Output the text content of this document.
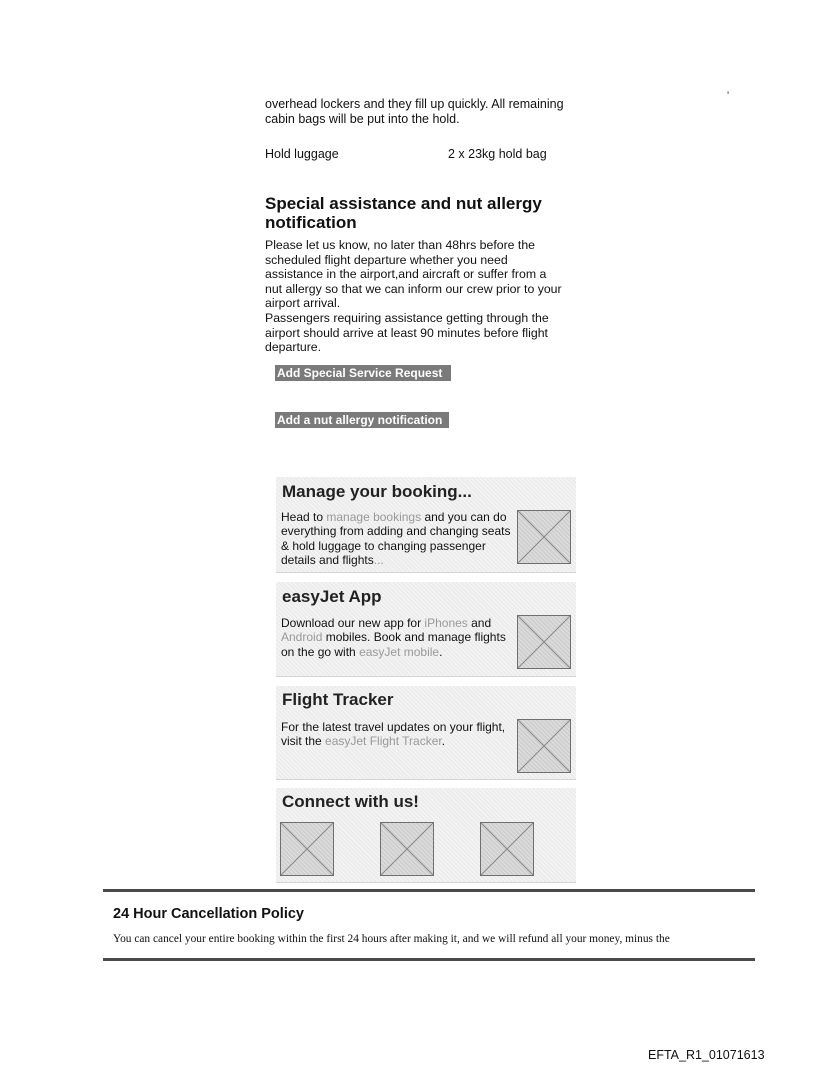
'
overhead lockers and they fill up quickly. All remaining cabin bags will be put into the hold.
Hold luggage	2 x 23kg hold bag
Special assistance and nut allergy notification

Please let us know, no later than 48hrs before the scheduled flight departure whether you need assistance in the airport,and aircraft or suffer from a nut allergy so that we can inform our crew prior to your airport arrival.

Passengers requiring assistance getting through the airport should arrive at least 90 minutes before flight departure.

Add Special Service Request
Add a nut allergy notification
Manage your booking...
Head to manage bookings and you can do everything from adding and changing seats & hold luggage to changing passenger details and flights...
easyJet App
Download our new app for iPhones and Android mobiles. Book and manage flights on the go with easyJet mobile.
Flight Tracker
For the latest travel updates on your flight, visit the easyJet Flight Tracker.
Connect with us!
24 Hour Cancellation Policy
You can cancel your entire booking within the first 24 hours after making it, and we will refund all your money, minus the
EFTA_R1_01071613
